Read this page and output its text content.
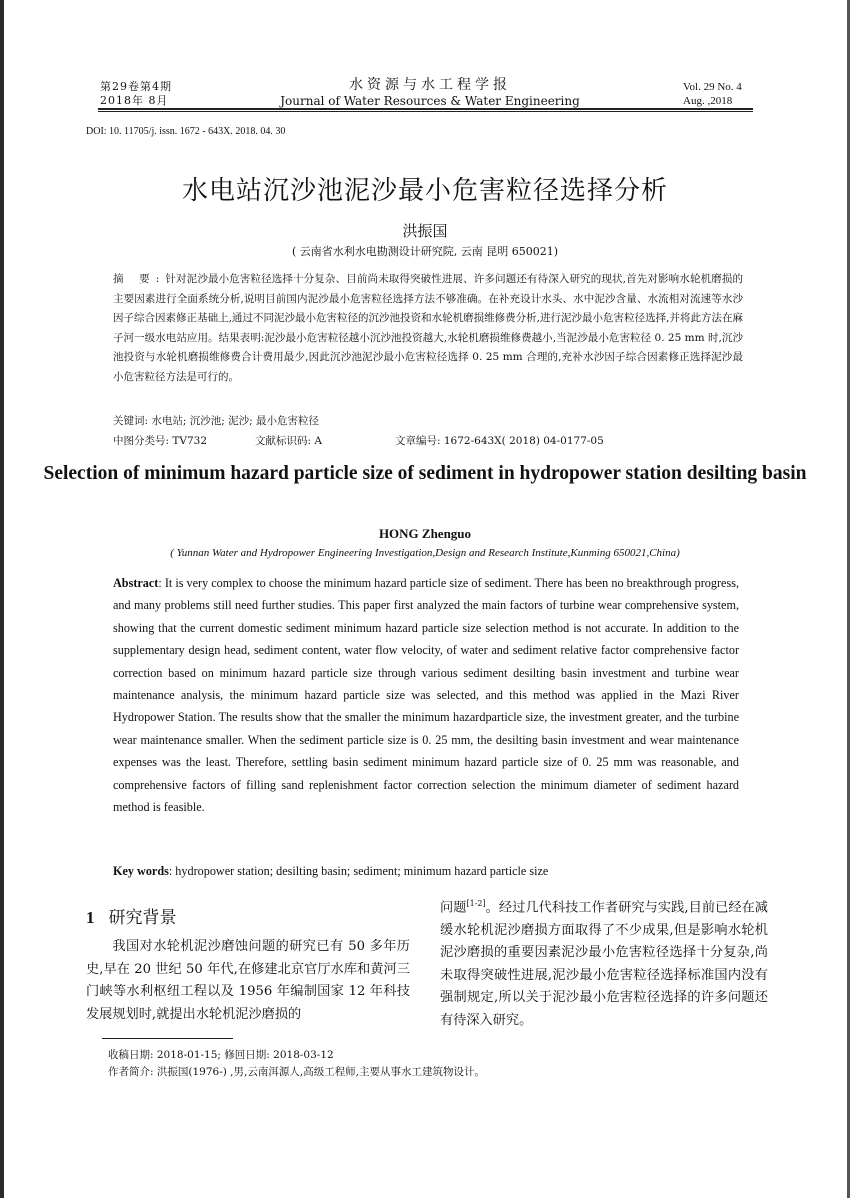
第29卷第4期
2018年 8月
水资源与水工程学报
Journal of Water Resources & Water Engineering
Vol. 29 No. 4
Aug. ,2018
DOI: 10. 11705/j. issn. 1672 - 643X. 2018. 04. 30
水电站沉沙池泥沙最小危害粒径选择分析
洪振国
( 云南省水利水电勘测设计研究院, 云南 昆明 650021)
摘 要:针对泥沙最小危害粒径选择十分复杂、目前尚未取得突破性进展、许多问题还有待深入研究的现状,首先对影响水轮机磨损的主要因素进行全面系统分析,说明目前国内泥沙最小危害粒径选择方法不够准确。在补充设计水头、水中泥沙含量、水流相对流速等水沙因子综合因素修正基础上,通过不同泥沙最小危害粒径的沉沙池投资和水轮机磨损维修费分析,进行泥沙最小危害粒径选择,并将此方法在麻子河一级水电站应用。结果表明:泥沙最小危害粒径越小沉沙池投资越大,水轮机磨损维修费越小,当泥沙最小危害粒径 0. 25 mm 时,沉沙池投资与水轮机磨损维修费合计费用最少,因此沉沙池泥沙最小危害粒径选择 0. 25 mm 合理的,充补水沙因子综合因素修正选择泥沙最小危害粒径方法是可行的。
关键词: 水电站; 沉沙池; 泥沙; 最小危害粒径
中图分类号: TV732	文献标识码: A	文章编号: 1672-643X( 2018) 04-0177-05
Selection of minimum hazard particle size of sediment in hydropower station desilting basin
HONG Zhenguo
( Yunnan Water and Hydropower Engineering Investigation,Design and Research Institute,Kunming 650021,China)
Abstract: It is very complex to choose the minimum hazard particle size of sediment. There has been no breakthrough progress, and many problems still need further studies. This paper first analyzed the main factors of turbine wear comprehensive system, showing that the current domestic sediment minimum hazard particle size selection method is not accurate. In addition to the supplementary design head, sediment content, water flow velocity, of water and sediment relative factor comprehensive factor correction based on minimum hazard particle size through various sediment desilting basin investment and turbine wear maintenance analysis, the minimum hazard particle size was selected, and this method was applied in the Mazi River Hydropower Station. The results show that the smaller the minimum hazardparticle size, the investment greater, and the turbine wear maintenance smaller. When the sediment particle size is 0. 25 mm, the desilting basin investment and wear maintenance expenses was the least. Therefore, settling basin sediment minimum hazard particle size of 0. 25 mm was reasonable, and comprehensive factors of filling sand replenishment factor correction selection the minimum diameter of sediment hazard method is feasible.
Key words: hydropower station; desilting basin; sediment; minimum hazard particle size
1 研究背景
我国对水轮机泥沙磨蚀问题的研究已有 50 多年历史,早在 20 世纪 50 年代,在修建北京官厅水库和黄河三门峡等水利枢纽工程以及 1956 年编制国家 12 年科技发展规划时,就提出水轮机泥沙磨损的
问题[1-2]。经过几代科技工作者研究与实践,目前已经在减缓水轮机泥沙磨损方面取得了不少成果,但是影响水轮机泥沙磨损的重要因素泥沙最小危害粒径选择十分复杂,尚未取得突破性进展,泥沙最小危害粒径选择标准国内没有强制规定,所以关于泥沙最小危害粒径选择的许多问题还有待深入研究。
收稿日期: 2018-01-15; 修回日期: 2018-03-12
作者简介: 洪振国(1976-) ,男,云南洱源人,高级工程师,主要从事水工建筑物设计。
